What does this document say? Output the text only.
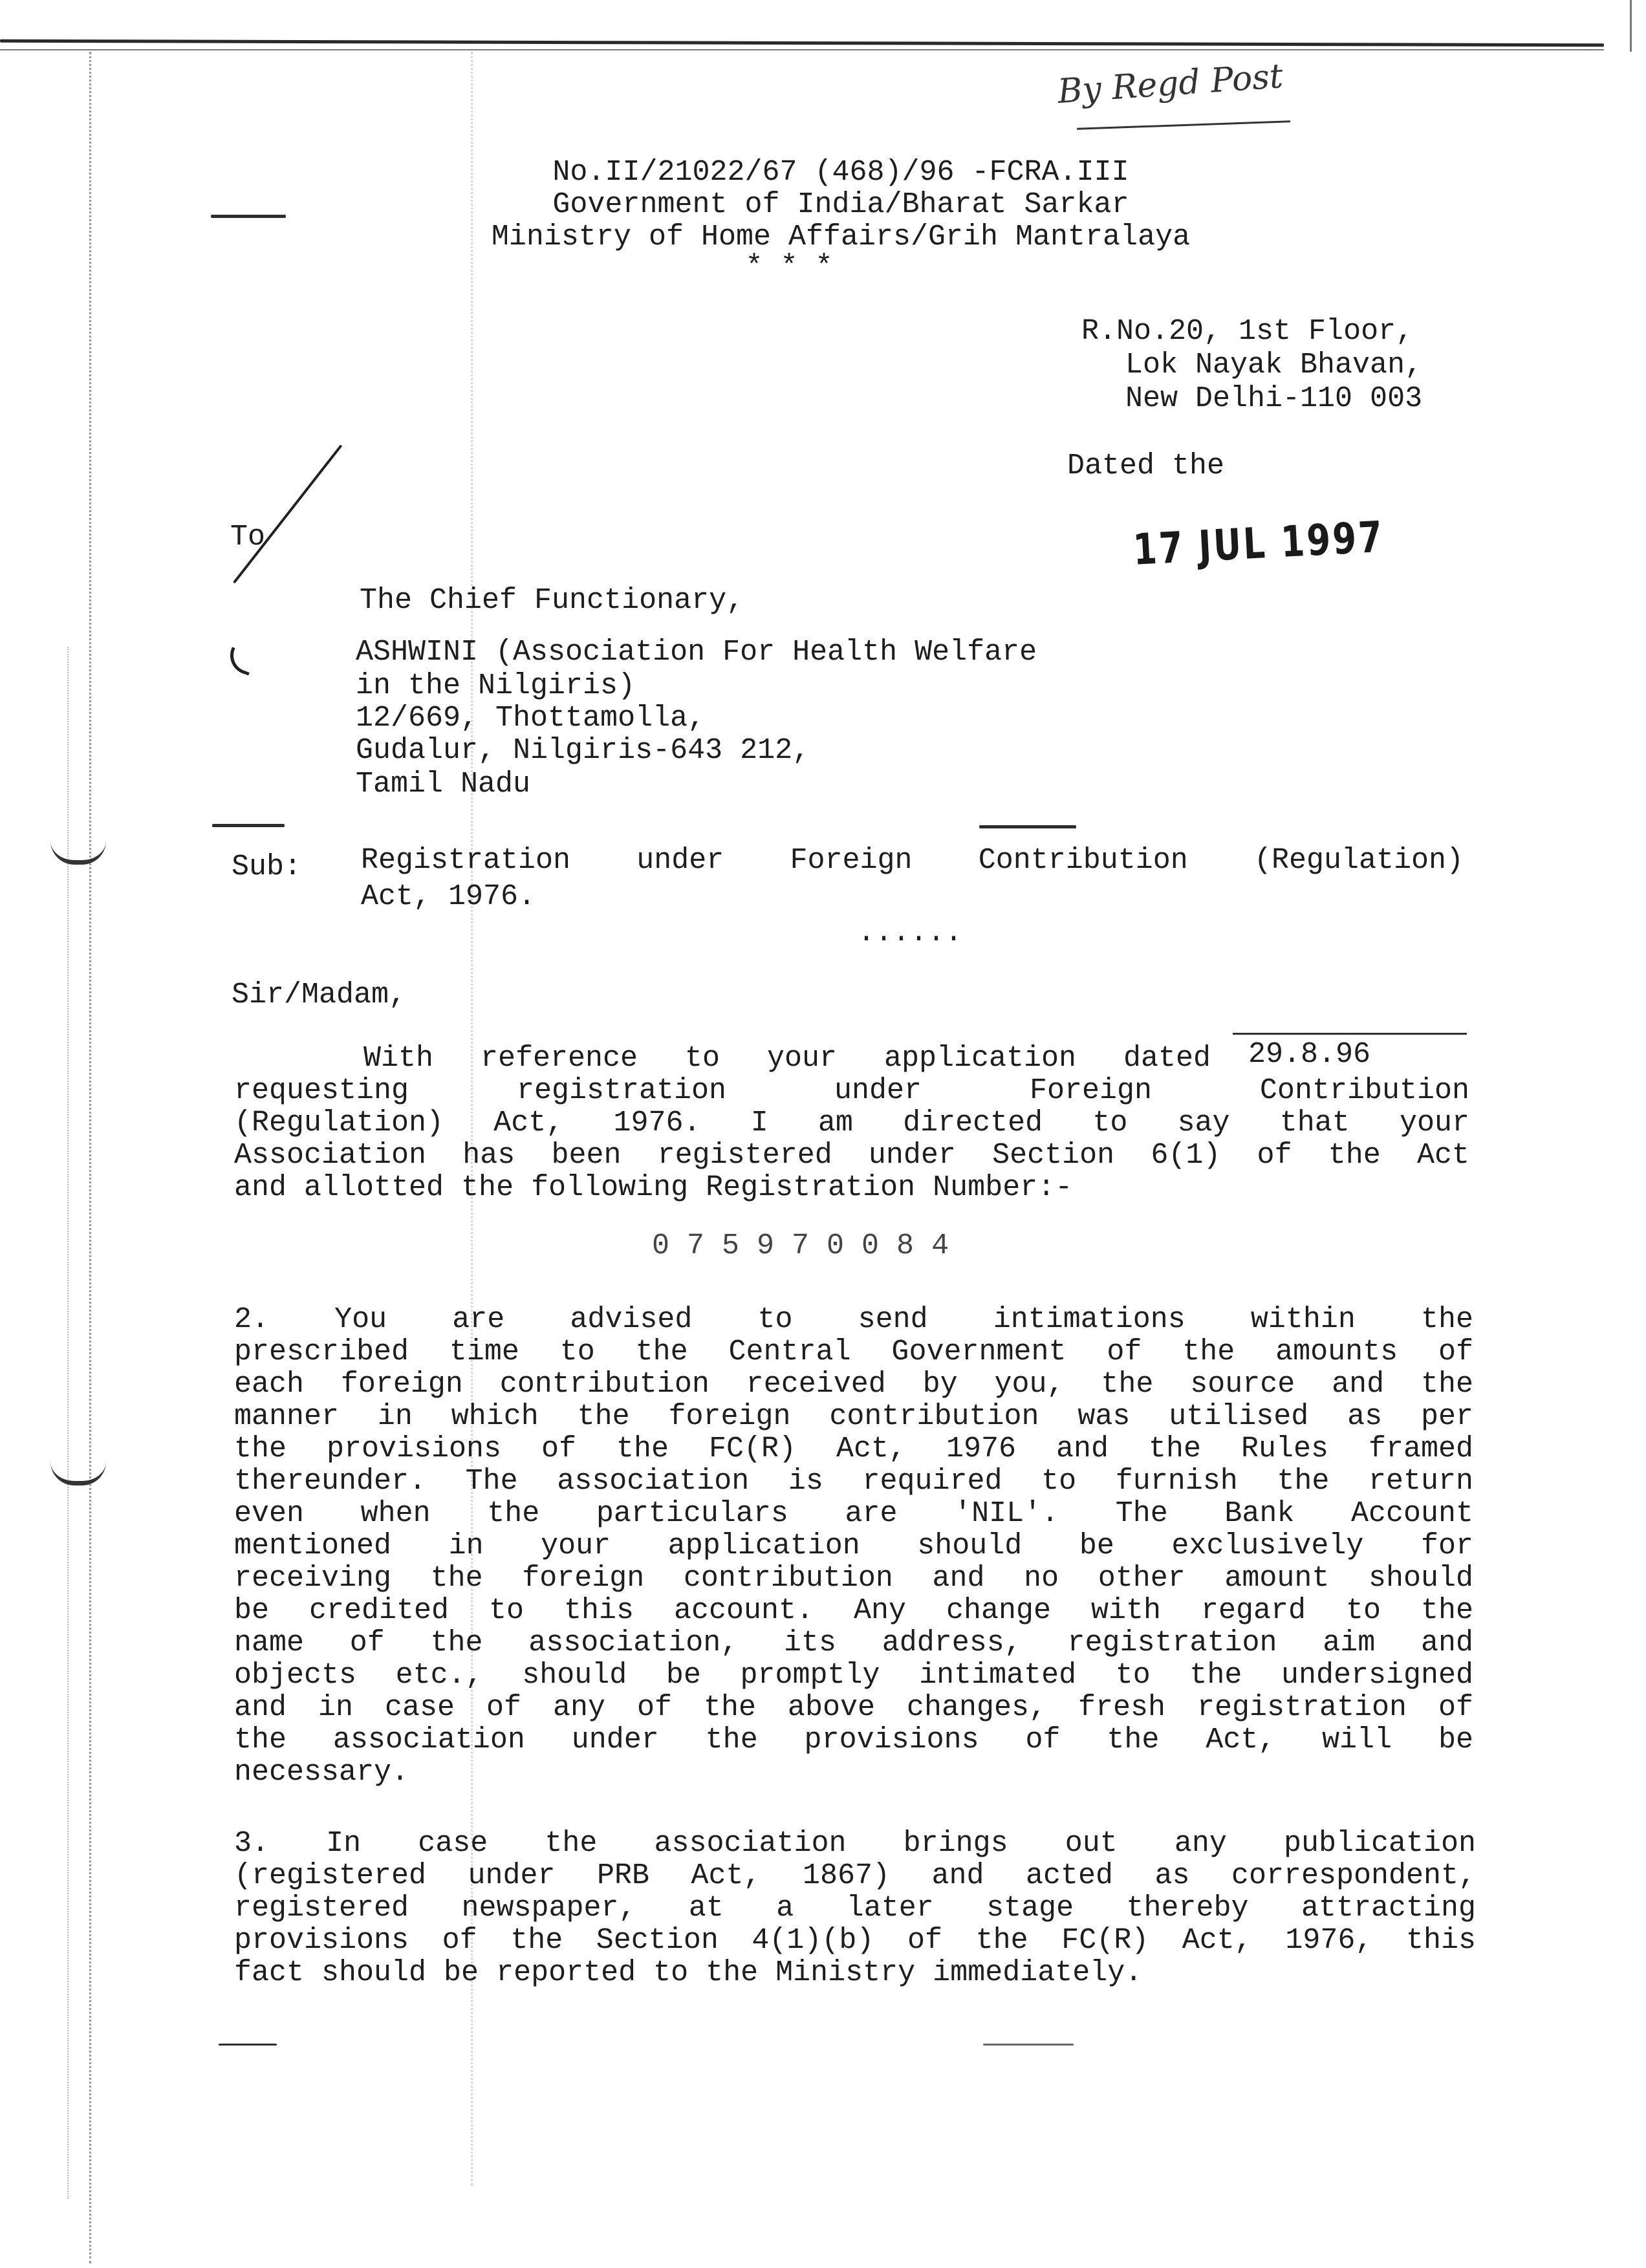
By Regd Post
No.II/21022/67 (468)/96 -FCRA.III
Government of India/Bharat Sarkar
Ministry of Home Affairs/Grih Mantralaya
* * *
R.No.20, 1st Floor,
Lok Nayak Bhavan,
New Delhi-110 003
Dated the
17 JUL 1997
To
The Chief Functionary,
ASHWINI (Association For Health Welfare
in the Nilgiris)
12/669, Thottamolla,
Gudalur, Nilgiris-643 212,
Tamil Nadu
Sub: Registration under Foreign Contribution (Regulation)
Act, 1976.
......
Sir/Madam,
With reference to your application dated 29.8.96
requesting registration under Foreign Contribution
(Regulation) Act, 1976. I am directed to say that your
Association has been registered under Section 6(1) of the Act
and allotted the following Registration Number:-
0 7 5 9 7 0 0 8 4
2. You are advised to send intimations within the
prescribed time to the Central Government of the amounts of
each foreign contribution received by you, the source and the
manner in which the foreign contribution was utilised as per
the provisions of the FC(R) Act, 1976 and the Rules framed
thereunder. The association is required to furnish the return
even when the particulars are 'NIL'. The Bank Account
mentioned in your application should be exclusively for
receiving the foreign contribution and no other amount should
be credited to this account. Any change with regard to the
name of the association, its address, registration aim and
objects etc., should be promptly intimated to the undersigned
and in case of any of the above changes, fresh registration of
the association under the provisions of the Act, will be
necessary.
3. In case the association brings out any publication
(registered under PRB Act, 1867) and acted as correspondent,
registered newspaper, at a later stage thereby attracting
provisions of the Section 4(1)(b) of the FC(R) Act, 1976, this
fact should be reported to the Ministry immediately.
